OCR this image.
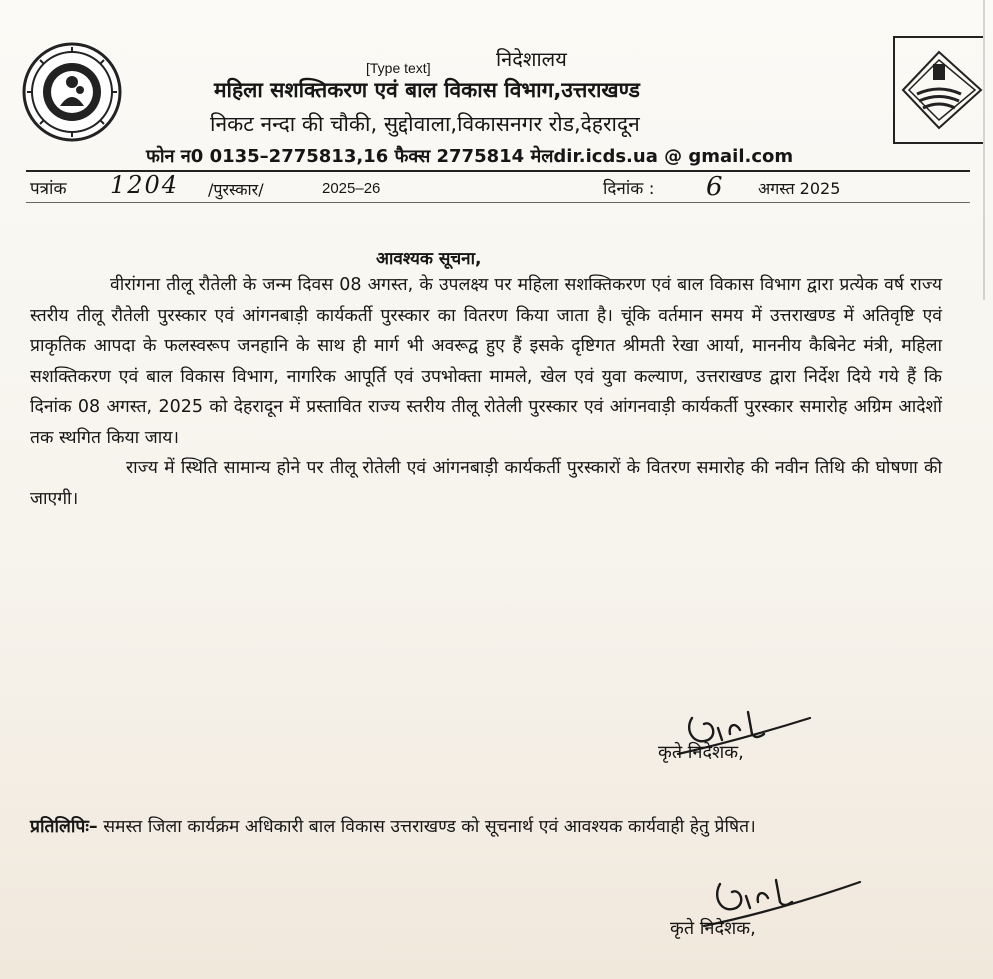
[Type text]	निदेशालय
महिला सशक्तिकरण एवं बाल विकास विभाग,उत्तराखण्ड
निकट नन्दा की चौकी, सुद्दोवाला,विकासनगर रोड,देहरादून
फोन न0 0135–2775813,16 फैक्स 2775814 मेलdir.icds.ua @ gmail.com
पत्रांक 1204 /पुरस्कार/	2025–26	दिनांक : 6 अगस्त 2025
आवश्यक सूचना,

वीरांगना तीलू रौतेली के जन्म दिवस 08 अगस्त, के उपलक्ष्य पर महिला सशक्तिकरण एवं बाल विकास विभाग द्वारा प्रत्येक वर्ष राज्य स्तरीय तीलू रौतेली पुरस्कार एवं आंगनबाड़ी कार्यकर्ती पुरस्कार का वितरण किया जाता है। चूंकि वर्तमान समय में उत्तराखण्ड में अतिवृष्टि एवं प्राकृतिक आपदा के फलस्वरूप जनहानि के साथ ही मार्ग भी अवरूद्व हुए हैं इसके दृष्टिगत श्रीमती रेखा आर्या, माननीय कैबिनेट मंत्री, महिला सशक्तिकरण एवं बाल विकास विभाग, नागरिक आपूर्ति एवं उपभोक्ता मामले, खेल एवं युवा कल्याण, उत्तराखण्ड द्वारा निर्देश दिये गये हैं कि दिनांक 08 अगस्त, 2025 को देहरादून में प्रस्तावित राज्य स्तरीय तीलू रोतेली पुरस्कार एवं आंगनवाड़ी कार्यकर्ती पुरस्कार समारोह अग्रिम आदेशों तक स्थगित किया जाय।

राज्य में स्थिति सामान्य होने पर तीलू रोतेली एवं आंगनबाड़ी कार्यकर्ती पुरस्कारों के वितरण समारोह की नवीन तिथि की घोषणा की जाएगी।

कृते निदेशक,
प्रतिलिपिः– समस्त जिला कार्यक्रम अधिकारी बाल विकास उत्तराखण्ड को सूचनार्थ एवं आवश्यक कार्यवाही हेतु प्रेषित।
कृते निदेशक,
